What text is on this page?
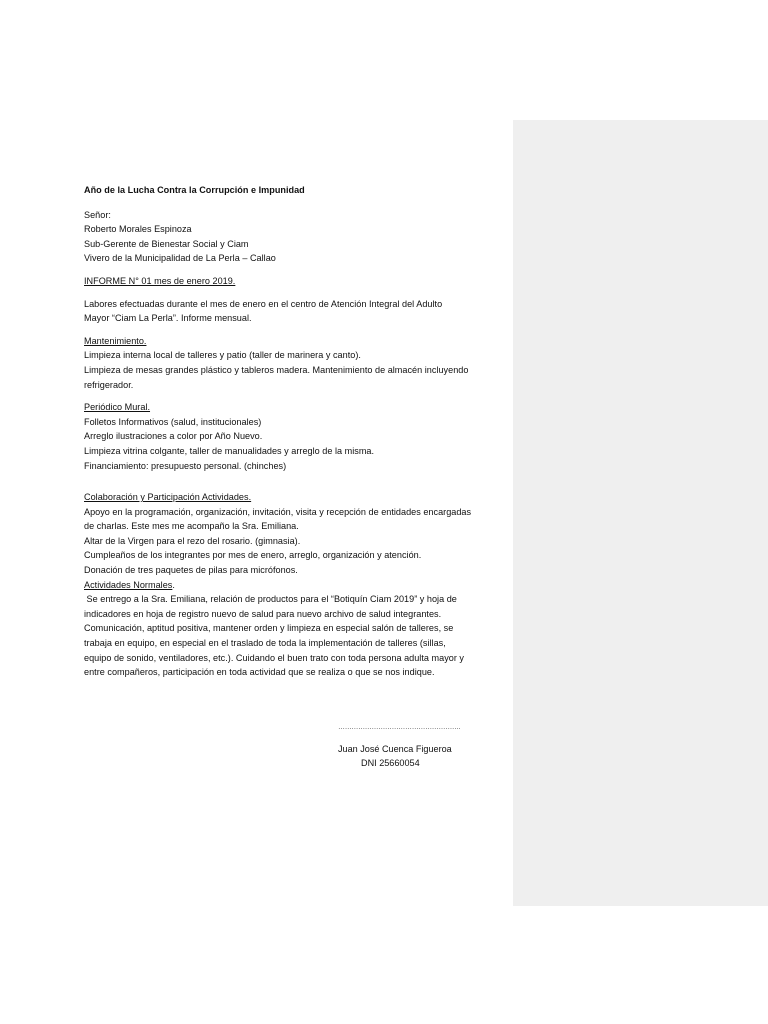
Año de la Lucha Contra la Corrupción e Impunidad

Señor:
Roberto Morales Espinoza
Sub-Gerente de Bienestar Social y Ciam
Vivero de la Municipalidad de La Perla – Callao
INFORME N° 01 mes de enero 2019.
Labores efectuadas durante el mes de enero en el centro de Atención Integral del Adulto
Mayor “Ciam La Perla”. Informe mensual.
Mantenimiento.
Limpieza interna local de talleres y patio (taller de marinera y canto).
Limpieza de mesas grandes plástico y tableros madera. Mantenimiento de almacén incluyendo
refrigerador.
Periódico Mural.
Folletos Informativos (salud, institucionales)
Arreglo ilustraciones a color por Año Nuevo.
Limpieza vitrina colgante, taller de manualidades y arreglo de la misma.
Financiamiento: presupuesto personal. (chinches)
Colaboración y Participación Actividades.
Apoyo en la programación, organización, invitación, visita y recepción de entidades encargadas
de charlas. Este mes me acompaño la Sra. Emiliana.
Altar de la Virgen para el rezo del rosario. (gimnasia).
Cumpleaños de los integrantes por mes de enero, arreglo, organización y atención.
Donación de tres paquetes de pilas para micrófonos.
Actividades Normales.
Se entrego a la Sra. Emiliana, relación de productos para el “Botiquín Ciam 2019” y hoja de
indicadores en hoja de registro nuevo de salud para nuevo archivo de salud integrantes.
Comunicación, aptitud positiva, mantener orden y limpieza en especial salón de talleres, se
trabaja en equipo, en especial en el traslado de toda la implementación de talleres (sillas,
equipo de sonido, ventiladores, etc.). Cuidando el buen trato con toda persona adulta mayor y
entre compañeros, participación en toda actividad que se realiza o que se nos indique.
……………………………………………….
Juan José Cuenca Figueroa
DNI 25660054
